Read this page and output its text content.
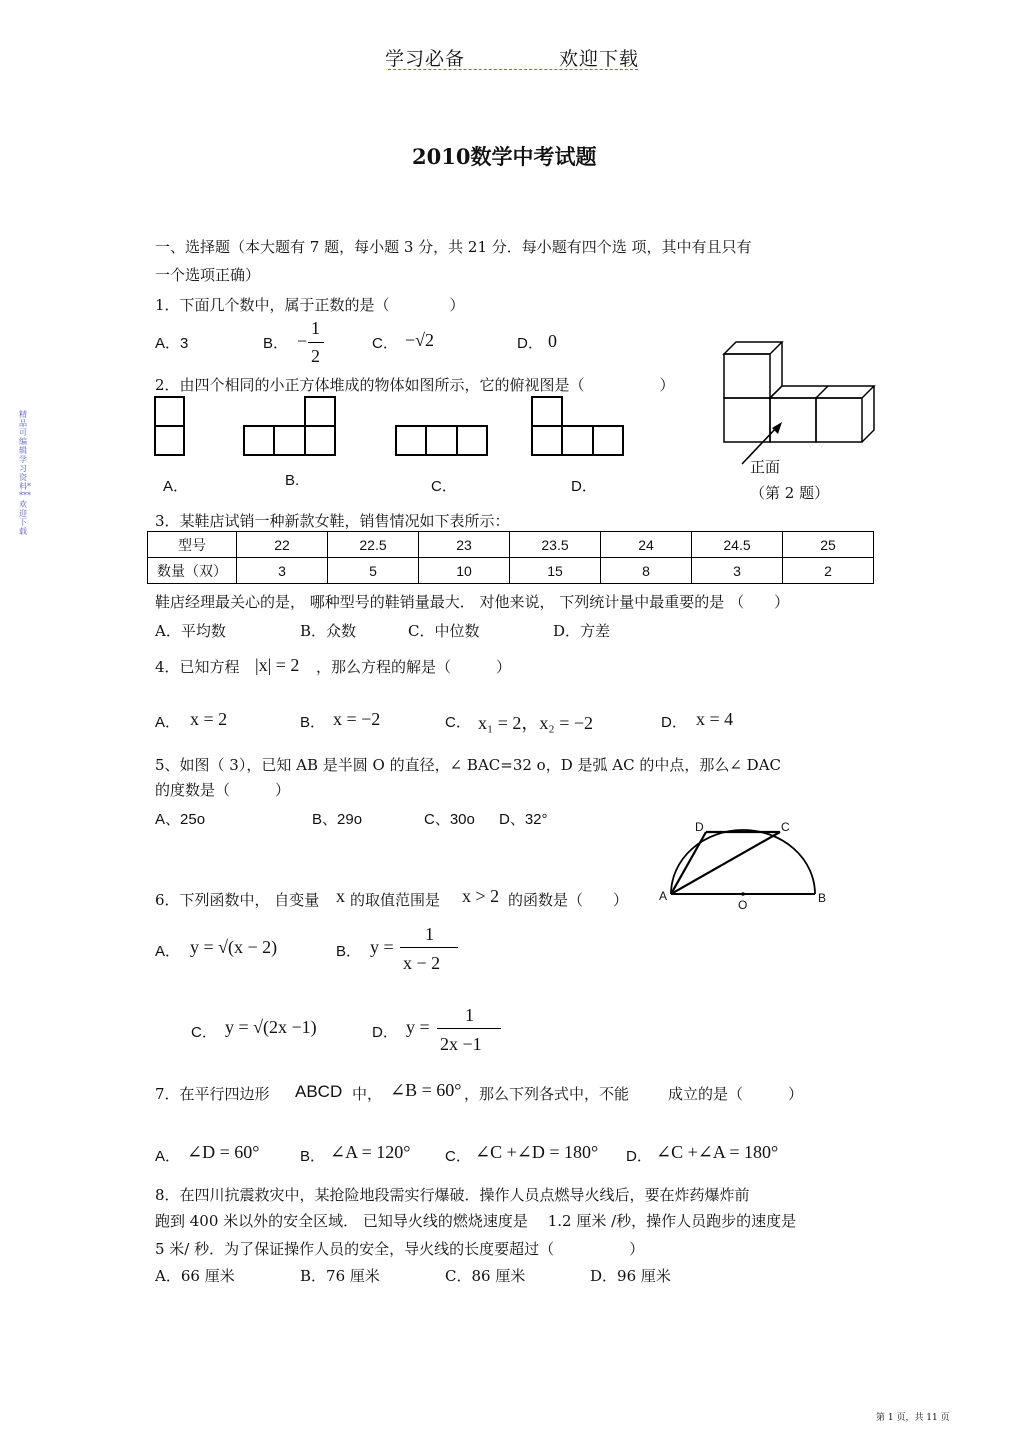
学习必备	欢迎下载
2010数学中考试题
精品可编辑学习资料****欢迎下载
一、选择题（本大题有 7 题，每小题 3 分，共 21 分．每小题有四个选 项，其中有且只有
一个选项正确）
1．下面几个数中，属于正数的是（　　　　）
A．3	B． −
1
2
C． −√2	D． 0
2．由四个相同的小正方体堆成的物体如图所示，它的俯视图是（　　　　　）
正面
（第 2 题）
A．	B.	C．	D．
3．某鞋店试销一种新款女鞋，销售情况如下表所示：
型号	22	22.5	23	23.5	24	24.5	25
数量（双）	3	5	10	15	8	3	2
鞋店经理最关心的是， 哪种型号的鞋销量最大． 对他来说， 下列统计量中最重要的是 （　　）
A．平均数	B．众数	C．中位数	D．方差
4．已知方程 |x| = 2 ，那么方程的解是（　　　）
A． x = 2	B． x = −2	C． x₁ = 2，x₂ = −2	D． x = 4
5、如图（ 3），已知 AB 是半圆 O 的直径，∠ BAC=32 o，D 是弧 AC 的中点，那么∠ DAC
的度数是（　　　）
A、25o	B、29o	C、30o D、32°	D	C
A	B
O
6．下列函数中， 自变量 x 的取值范围是 x > 2 的函数是（　　）
A． y = √(x − 2)	B． y =
1
x − 2
C． y = √(2x −1)	D． y =
1
2x −1
7．在平行四边形 ABCD 中， ∠B = 60° ，那么下列各式中，不能	成立的是（　　　）
A． ∠D = 60°	B． ∠A = 120° C． ∠C +∠D = 180° D． ∠C +∠A = 180°
8．在四川抗震救灾中，某抢险地段需实行爆破．操作人员点燃导火线后，要在炸药爆炸前
跑到 400 米以外的安全区域． 已知导火线的燃烧速度是　 1.2 厘米 /秒，操作人员跑步的速度是
5 米/ 秒．为了保证操作人员的安全，导火线的长度要超过（　　　　　）
A．66 厘米	B．76 厘米	C．86 厘米	D．96 厘米
第 1 页，共 11 页
